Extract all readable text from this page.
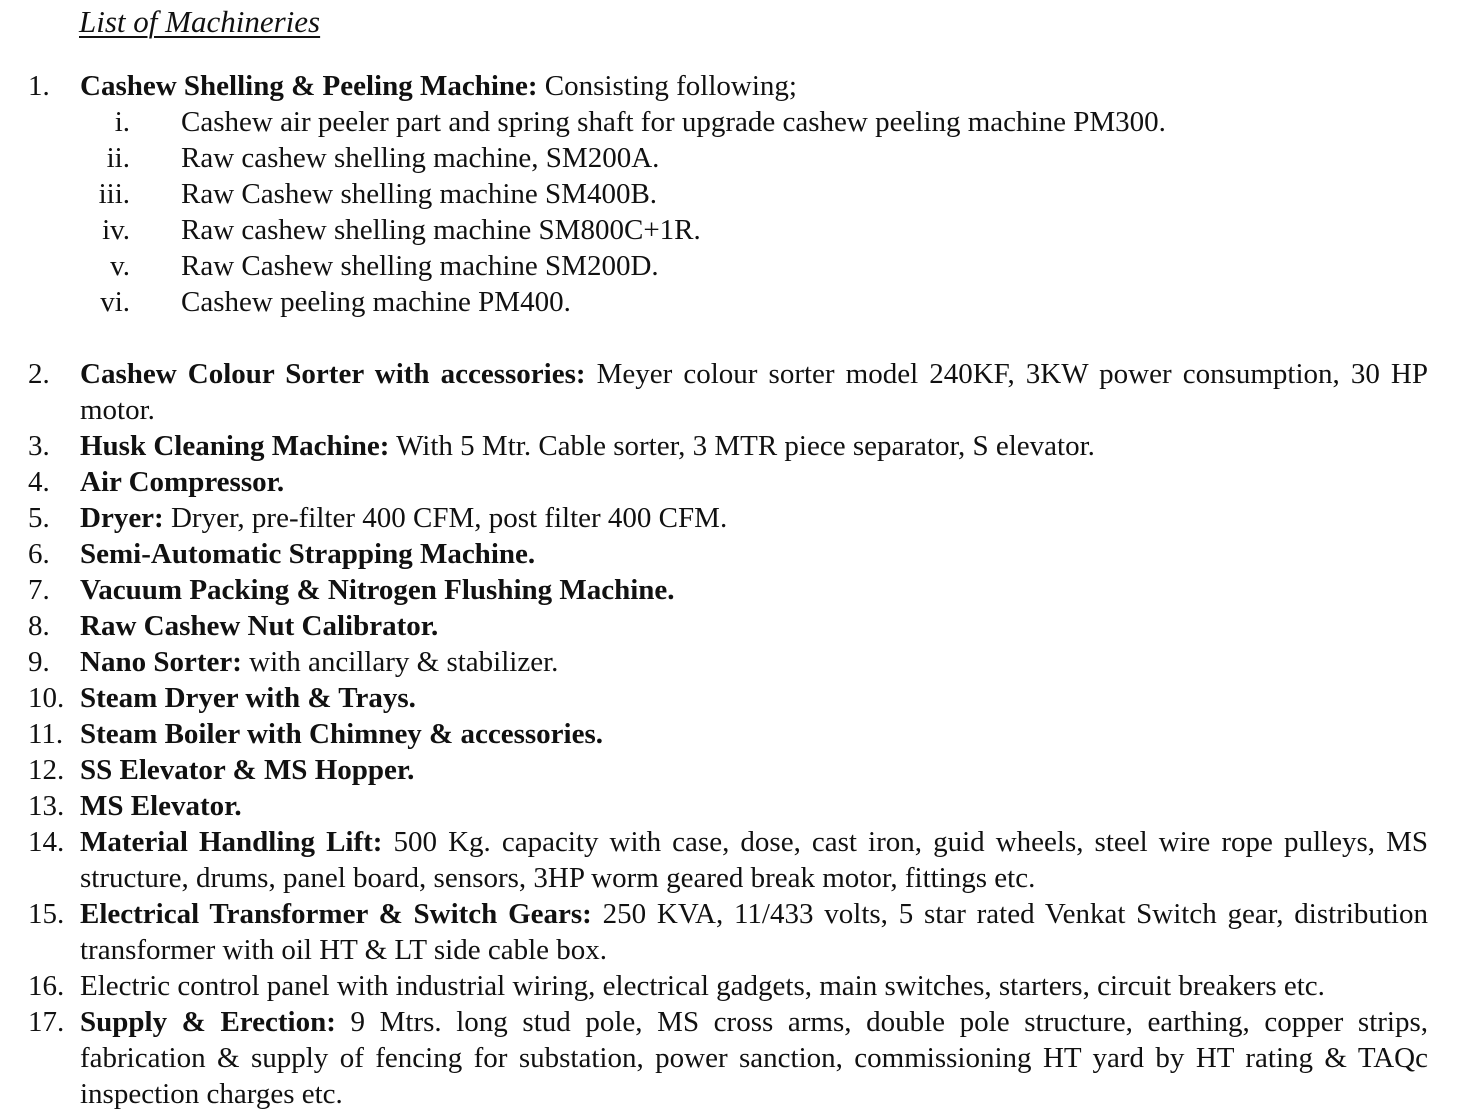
List of Machineries
1. Cashew Shelling & Peeling Machine: Consisting following;
i. Cashew air peeler part and spring shaft for upgrade cashew peeling machine PM300.
ii. Raw cashew shelling machine, SM200A.
iii. Raw Cashew shelling machine SM400B.
iv. Raw cashew shelling machine SM800C+1R.
v. Raw Cashew shelling machine SM200D.
vi. Cashew peeling machine PM400.
2. Cashew Colour Sorter with accessories: Meyer colour sorter model 240KF, 3KW power consumption, 30 HP motor.
3. Husk Cleaning Machine: With 5 Mtr. Cable sorter, 3 MTR piece separator, S elevator.
4. Air Compressor.
5. Dryer: Dryer, pre-filter 400 CFM, post filter 400 CFM.
6. Semi-Automatic Strapping Machine.
7. Vacuum Packing & Nitrogen Flushing Machine.
8. Raw Cashew Nut Calibrator.
9. Nano Sorter: with ancillary & stabilizer.
10. Steam Dryer with & Trays.
11. Steam Boiler with Chimney & accessories.
12. SS Elevator & MS Hopper.
13. MS Elevator.
14. Material Handling Lift: 500 Kg. capacity with case, dose, cast iron, guid wheels, steel wire rope pulleys, MS structure, drums, panel board, sensors, 3HP worm geared break motor, fittings etc.
15. Electrical Transformer & Switch Gears: 250 KVA, 11/433 volts, 5 star rated Venkat Switch gear, distribution transformer with oil HT & LT side cable box.
16. Electric control panel with industrial wiring, electrical gadgets, main switches, starters, circuit breakers etc.
17. Supply & Erection: 9 Mtrs. long stud pole, MS cross arms, double pole structure, earthing, copper strips, fabrication & supply of fencing for substation, power sanction, commissioning HT yard by HT rating & TAQc inspection charges etc.
